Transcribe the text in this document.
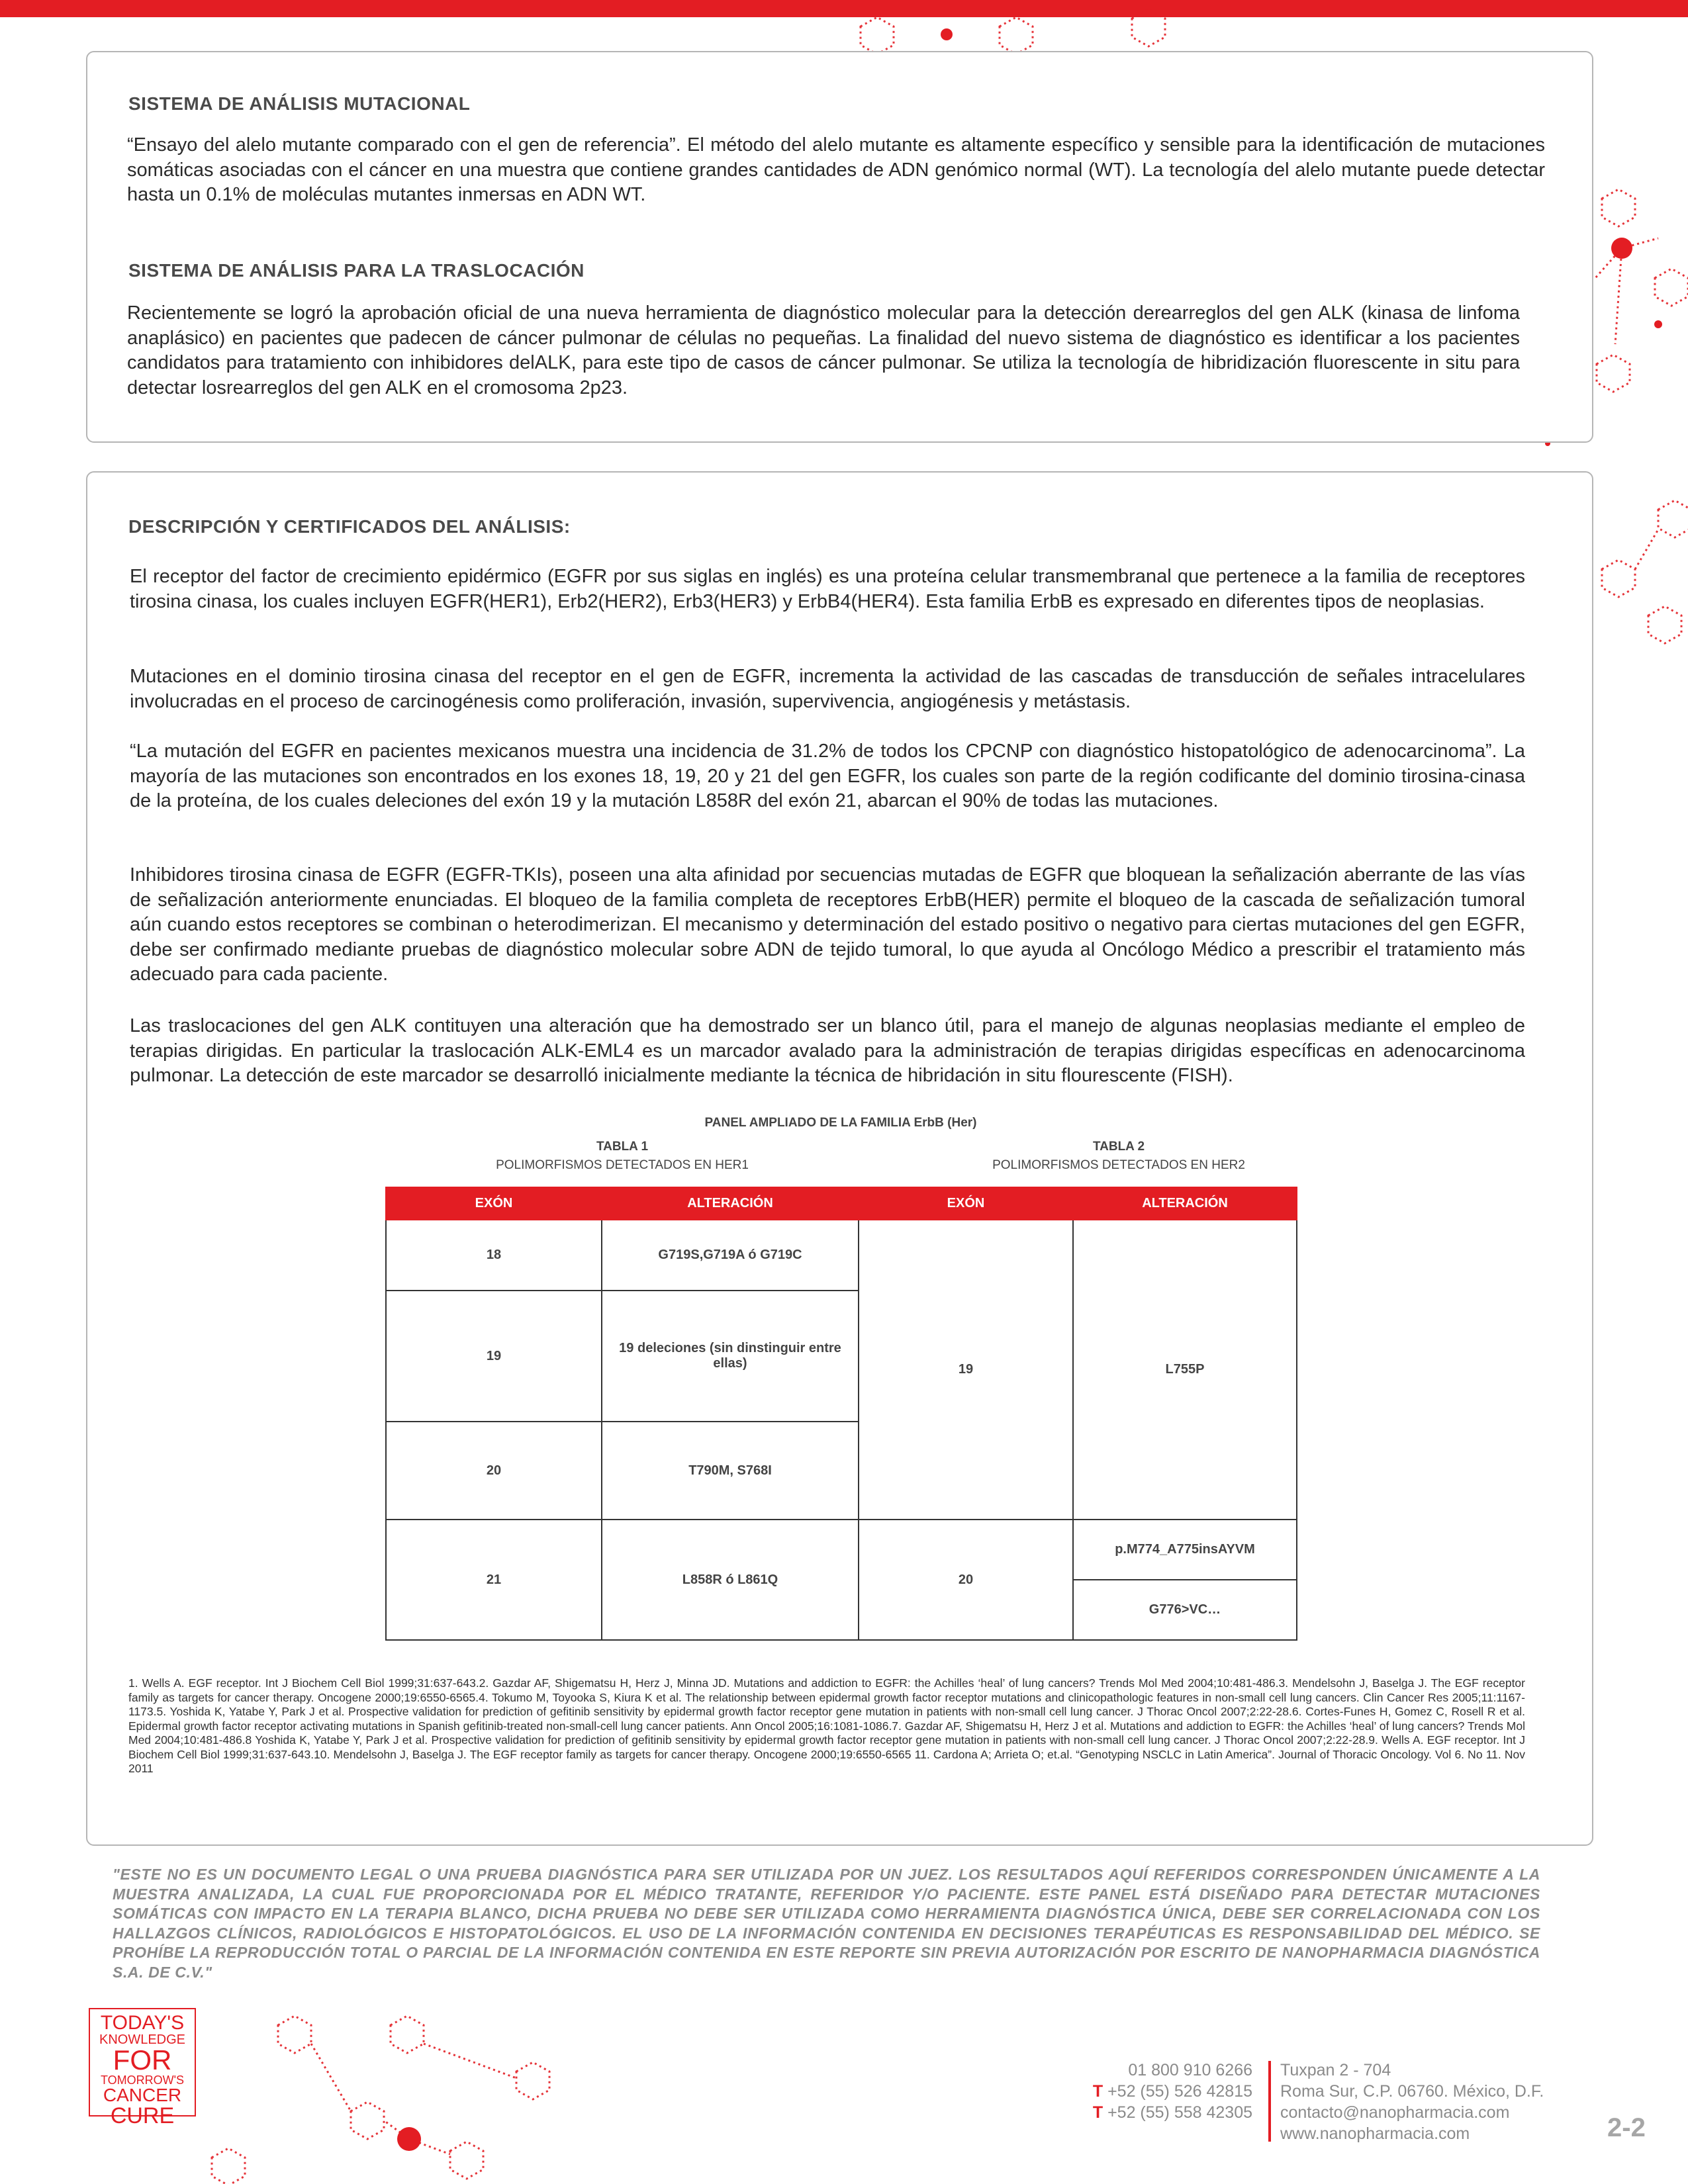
SISTEMA DE ANÁLISIS MUTACIONAL

“Ensayo del alelo mutante comparado con el gen de referencia”. El método del alelo mutante es altamente específico y sensible para la identificación de mutaciones somáticas asociadas con el cáncer en una muestra que contiene grandes cantidades de ADN genómico normal (WT). La tecnología del alelo mutante puede detectar hasta un 0.1% de moléculas mutantes inmersas en ADN WT.

SISTEMA DE ANÁLISIS PARA LA TRASLOCACIÓN

Recientemente se logró la aprobación oficial de una nueva herramienta de diagnóstico molecular para la detección derearreglos del gen ALK (kinasa de linfoma anaplásico) en pacientes que padecen de cáncer pulmonar de células no pequeñas. La finalidad del nuevo sistema de diagnóstico es identificar a los pacientes candidatos para tratamiento con inhibidores delALK, para este tipo de casos de cáncer pulmonar. Se utiliza la tecnología de hibridización fluorescente in situ para detectar losrearreglos del gen ALK en el cromosoma 2p23.

DESCRIPCIÓN Y CERTIFICADOS DEL ANÁLISIS:

El receptor del factor de crecimiento epidérmico (EGFR por sus siglas en inglés) es una proteína celular transmembranal que pertenece a la familia de receptores tirosina cinasa, los cuales incluyen EGFR(HER1), Erb2(HER2), Erb3(HER3) y ErbB4(HER4). Esta familia ErbB es expresado en diferentes tipos de neoplasias.

Mutaciones en el dominio tirosina cinasa del receptor en el gen de EGFR, incrementa la actividad de las cascadas de transducción de señales intracelulares involucradas en el proceso de carcinogénesis como proliferación, invasión, supervivencia, angiogénesis y metástasis.

“La mutación del EGFR en pacientes mexicanos muestra una incidencia de 31.2% de todos los CPCNP con diagnóstico histopatológico de adenocarcinoma”. La mayoría de las mutaciones son encontrados en los exones 18, 19, 20 y 21 del gen EGFR, los cuales son parte de la región codificante del dominio tirosina-cinasa de la proteína, de los cuales deleciones del exón 19 y la mutación L858R del exón 21, abarcan el 90% de todas las mutaciones.

Inhibidores tirosina cinasa de EGFR (EGFR-TKIs), poseen una alta afinidad por secuencias mutadas de EGFR que bloquean la señalización aberrante de las vías de señalización anteriormente enunciadas. El bloqueo de la familia completa de receptores ErbB(HER) permite el bloqueo de la cascada de señalización tumoral aún cuando estos receptores se combinan o heterodimerizan. El mecanismo y determinación del estado positivo o negativo para ciertas mutaciones del gen EGFR, debe ser confirmado mediante pruebas de diagnóstico molecular sobre ADN de tejido tumoral, lo que ayuda al Oncólogo Médico a prescribir el tratamiento más adecuado para cada paciente.

Las traslocaciones del gen ALK contituyen una alteración que ha demostrado ser un blanco útil, para el manejo de algunas neoplasias mediante el empleo de terapias dirigidas. En particular la traslocación ALK-EML4 es un marcador avalado para la administración de terapias dirigidas específicas en adenocarcinoma pulmonar. La detección de este marcador se desarrolló inicialmente mediante la técnica de hibridación in situ flourescente (FISH).

PANEL AMPLIADO DE LA FAMILIA ErbB (Her)
TABLA 1
POLIMORFISMOS DETECTADOS EN HER1
TABLA 2
POLIMORFISMOS DETECTADOS EN HER2
EXÓN	ALTERACIÓN	EXÓN	ALTERACIÓN
18	G719S,G719A ó G719C	19	L755P
19	19 deleciones (sin dinstinguir entre ellas)		
20	T790M, S768I		
21	L858R ó L861Q	20	p.M774_A775insAYVM
			G776>VC…

1. Wells A. EGF receptor. Int J Biochem Cell Biol 1999;31:637-643.2. Gazdar AF, Shigematsu H, Herz J, Minna JD. Mutations and addiction to EGFR: the Achilles ‘heal’ of lung cancers? Trends Mol Med 2004;10:481-486.3. Mendelsohn J, Baselga J. The EGF receptor family as targets for cancer therapy. Oncogene 2000;19:6550-6565.4. Tokumo M, Toyooka S, Kiura K et al. The relationship between epidermal growth factor receptor mutations and clinicopathologic features in non-small cell lung cancers. Clin Cancer Res 2005;11:1167-1173.5. Yoshida K, Yatabe Y, Park J et al. Prospective validation for prediction of gefitinib sensitivity by epidermal growth factor receptor gene mutation in patients with non-small cell lung cancer. J Thorac Oncol 2007;2:22-28.6. Cortes-Funes H, Gomez C, Rosell R et al. Epidermal growth factor receptor activating mutations in Spanish gefitinib-treated non-small-cell lung cancer patients. Ann Oncol 2005;16:1081-1086.7. Gazdar AF, Shigematsu H, Herz J et al. Mutations and addiction to EGFR: the Achilles ‘heal’ of lung cancers? Trends Mol Med 2004;10:481-486.8 Yoshida K, Yatabe Y, Park J et al. Prospective validation for prediction of gefitinib sensitivity by epidermal growth factor receptor gene mutation in patients with non-small cell lung cancer. J Thorac Oncol 2007;2:22-28.9. Wells A. EGF receptor. Int J Biochem Cell Biol 1999;31:637-643.10. Mendelsohn J, Baselga J. The EGF receptor family as targets for cancer therapy. Oncogene 2000;19:6550-6565 11. Cardona A; Arrieta O; et.al. “Genotyping NSCLC in Latin America”. Journal of Thoracic Oncology. Vol 6. No 11. Nov 2011

"ESTE NO ES UN DOCUMENTO LEGAL O UNA PRUEBA DIAGNÓSTICA PARA SER UTILIZADA POR UN JUEZ. LOS RESULTADOS AQUÍ REFERIDOS CORRESPONDEN ÚNICAMENTE A LA MUESTRA ANALIZADA, LA CUAL FUE PROPORCIONADA POR EL MÉDICO TRATANTE, REFERIDOR Y/O PACIENTE. ESTE PANEL ESTÁ DISEÑADO PARA DETECTAR MUTACIONES SOMÁTICAS CON IMPACTO EN LA TERAPIA BLANCO, DICHA PRUEBA NO DEBE SER UTILIZADA COMO HERRAMIENTA DIAGNÓSTICA ÚNICA, DEBE SER CORRELACIONADA CON LOS HALLAZGOS CLÍNICOS, RADIOLÓGICOS E HISTOPATOLÓGICOS. EL USO DE LA INFORMACIÓN CONTENIDA EN DECISIONES TERAPÉUTICAS ES RESPONSABILIDAD DEL MÉDICO. SE PROHÍBE LA REPRODUCCIÓN TOTAL O PARCIAL DE LA INFORMACIÓN CONTENIDA EN ESTE REPORTE SIN PREVIA AUTORIZACIÓN POR ESCRITO DE NANOPHARMACIA DIAGNÓSTICA S.A. DE C.V."

TODAY'S
KNOWLEDGE
FOR
TOMORROW'S
CANCER
CURE
01 800 910 6266
T +52 (55) 526 42815
T +52 (55) 558 42305
Tuxpan 2 - 704
Roma Sur, C.P. 06760. México, D.F.
contacto@nanopharmacia.com
www.nanopharmacia.com	2-2
